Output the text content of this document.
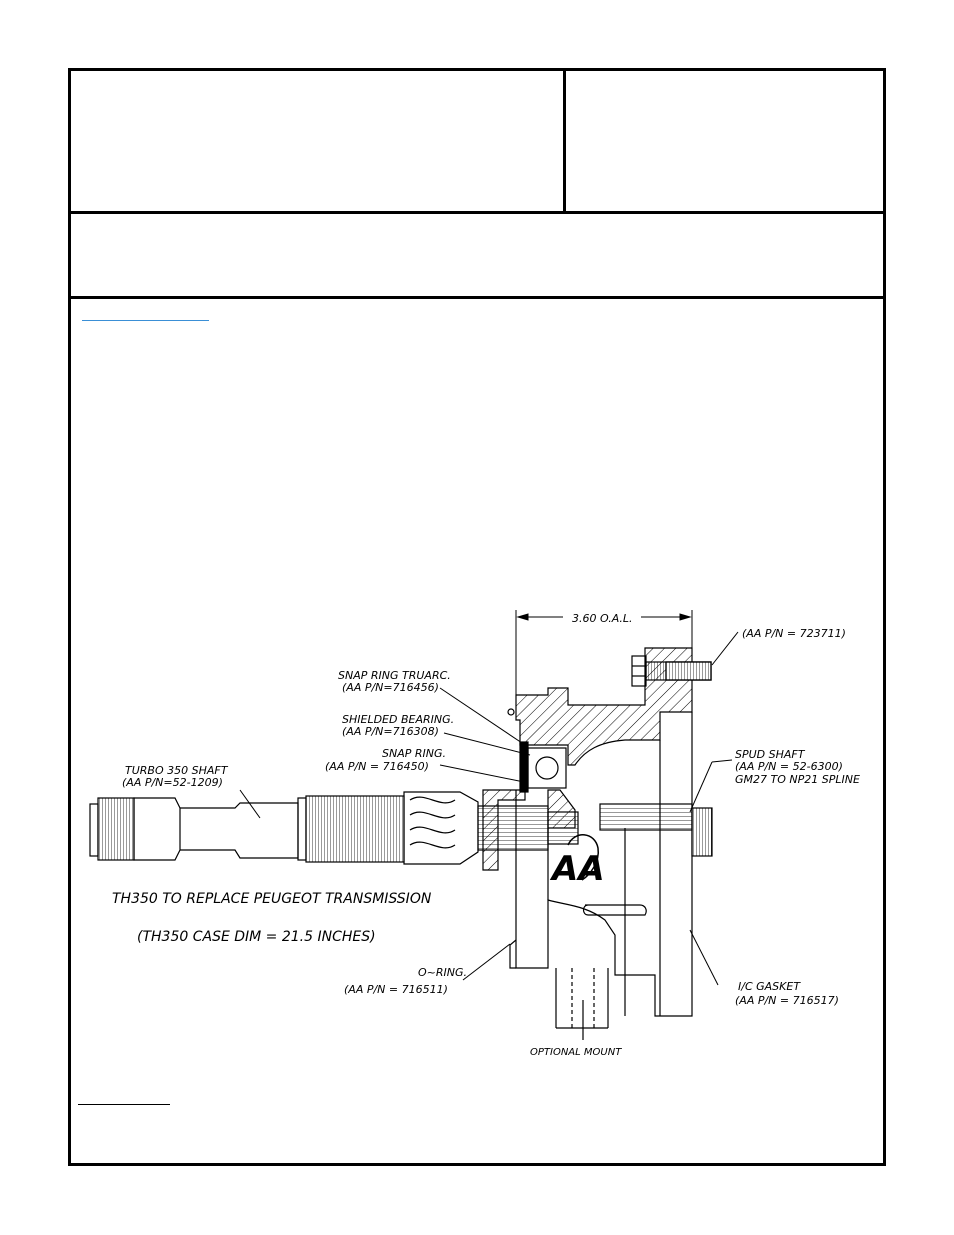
3.60 O.A.L.
AA
(AA P/N = 723711)
SNAP RING TRUARC.
(AA P/N=716456)
SHIELDED BEARING.
(AA P/N=716308)
SNAP RING.
(AA P/N = 716450)
TURBO 350 SHAFT
(AA P/N=52-1209)
SPUD SHAFT
(AA P/N = 52-6300)
GM27 TO NP21 SPLINE
O~RING.
(AA P/N = 716511)	I/C GASKET
(AA P/N = 716517)
OPTIONAL MOUNT
TH350 TO REPLACE PEUGEOT TRANSMISSION
(TH350 CASE DIM = 21.5 INCHES)
